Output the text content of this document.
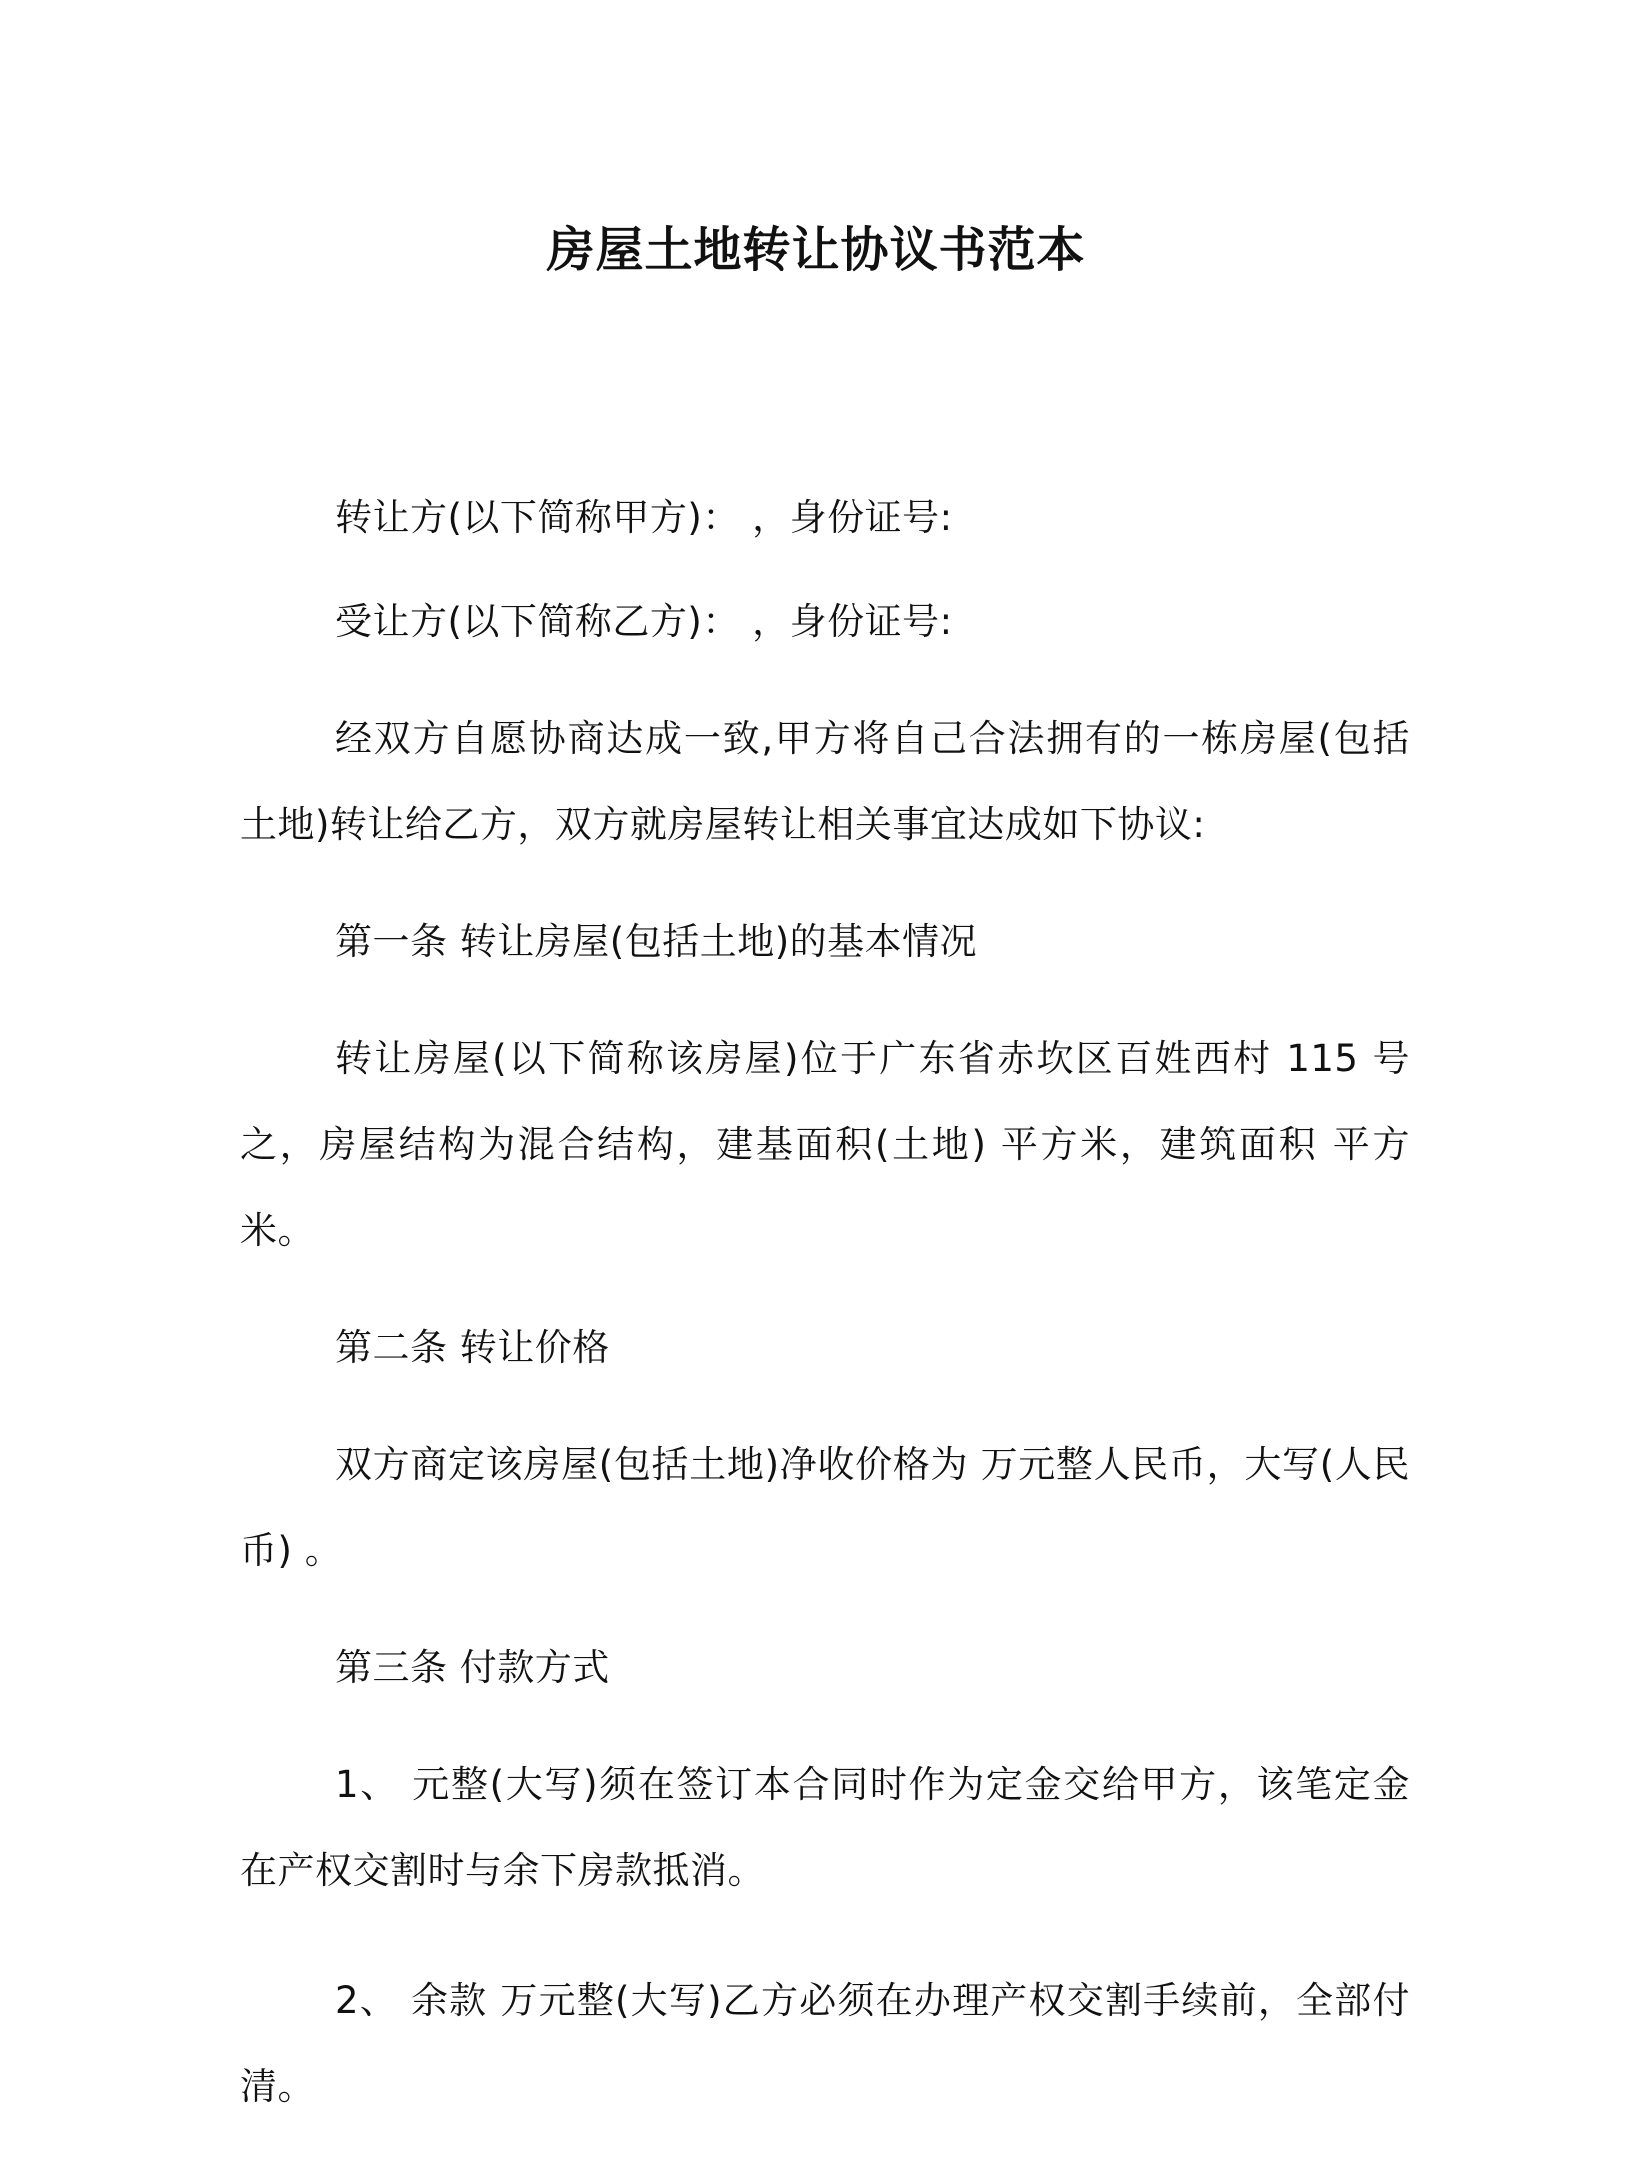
房屋土地转让协议书范本

转让方(以下简称甲方)： ，身份证号:

受让方(以下简称乙方)： ，身份证号:

经双方自愿协商达成一致,甲方将自己合法拥有的一栋房屋(包括土地)转让给乙方，双方就房屋转让相关事宜达成如下协议:

第一条 转让房屋(包括土地)的基本情况

转让房屋(以下简称该房屋)位于广东省赤坎区百姓西村 115 号之，房屋结构为混合结构，建基面积(土地) 平方米，建筑面积 平方米。

第二条 转让价格

双方商定该房屋(包括土地)净收价格为 万元整人民币，大写(人民币) 。

第三条 付款方式

1、 元整(大写)须在签订本合同时作为定金交给甲方，该笔定金在产权交割时与余下房款抵消。

2、 余款 万元整(大写)乙方必须在办理产权交割手续前，全部付清。
